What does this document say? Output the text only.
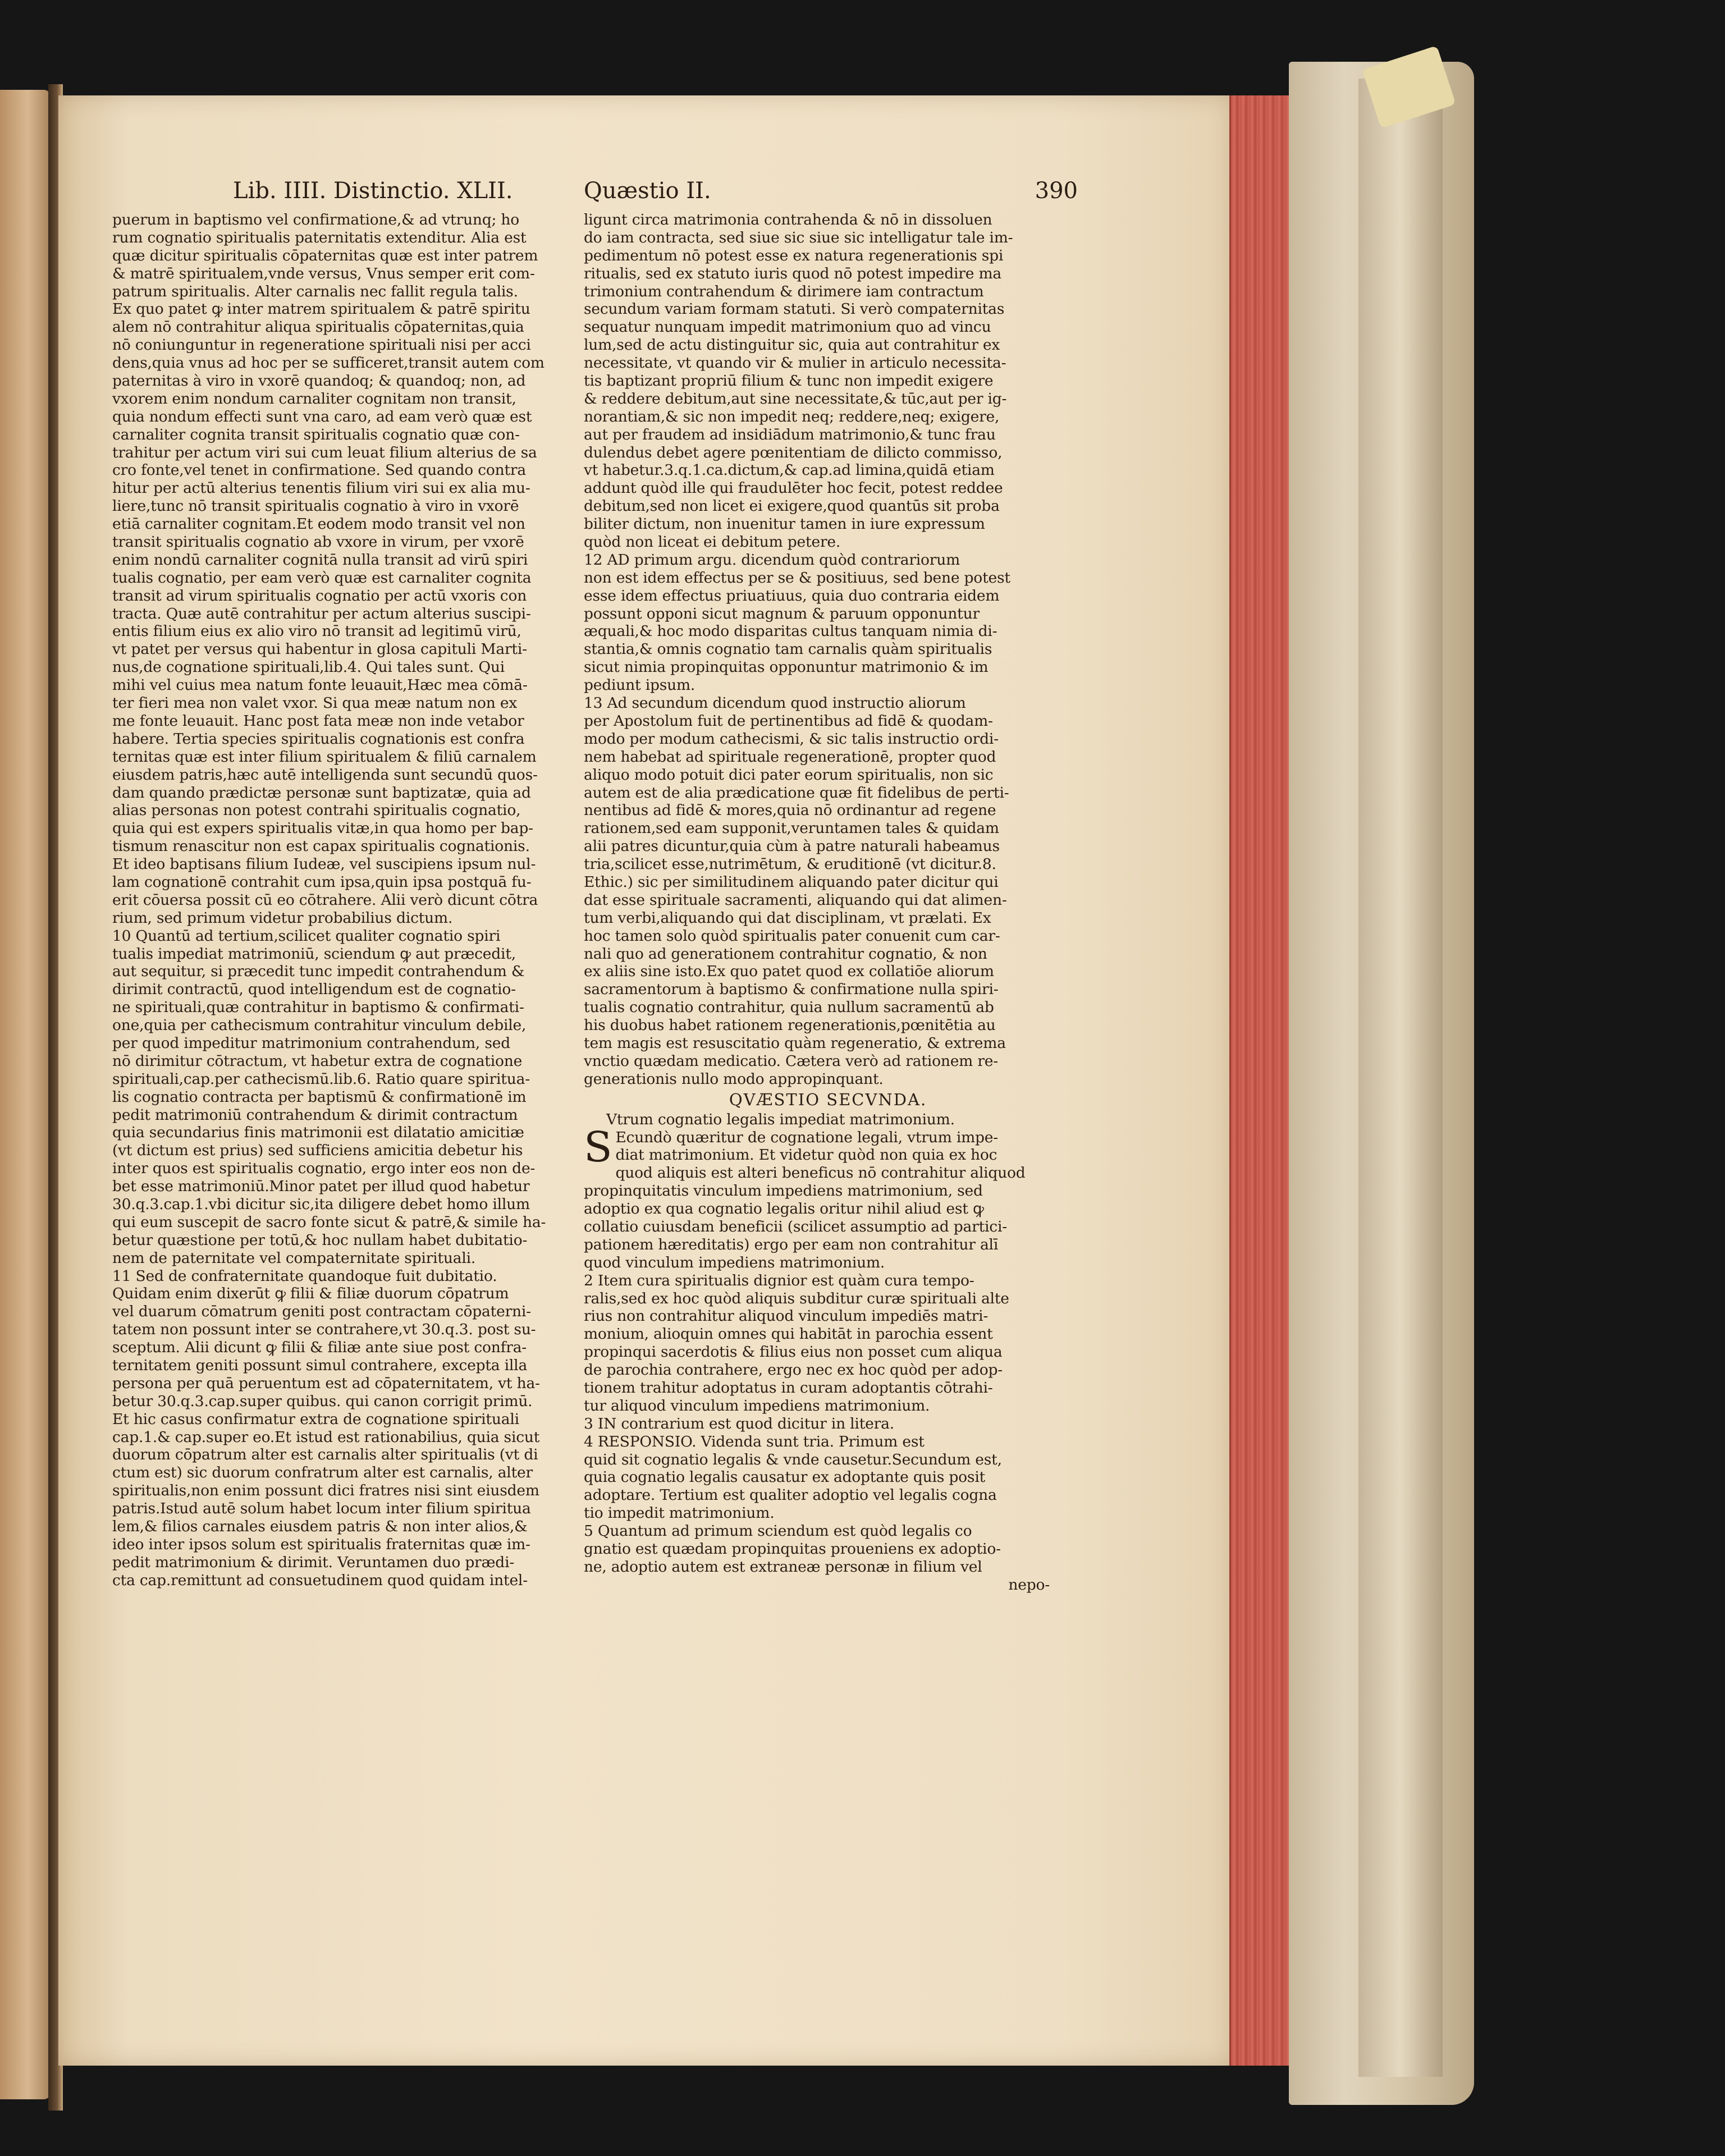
Lib. IIII. Distinctio. XLII.	Quæstio II.	390
puerum in baptismo vel confirmatione,& ad vtrunq; ho
rum cognatio spiritualis paternitatis extenditur. Alia est
quæ dicitur spiritualis cōpaternitas quæ est inter patrem
& matrē spiritualem,vnde versus, Vnus semper erit com-
patrum spiritualis. Alter carnalis nec fallit regula talis.
Ex quo patet ꝙ inter matrem spiritualem & patrē spiritu
alem nō contrahitur aliqua spiritualis cōpaternitas,quia
nō coniunguntur in regeneratione spirituali nisi per acci
dens,quia vnus ad hoc per se sufficeret,transit autem com
paternitas à viro in vxorē quandoq; & quandoq; non, ad
vxorem enim nondum carnaliter cognitam non transit,
quia nondum effecti sunt vna caro, ad eam verò quæ est
carnaliter cognita transit spiritualis cognatio quæ con-
trahitur per actum viri sui cum leuat filium alterius de sa
cro fonte,vel tenet in confirmatione. Sed quando contra
hitur per actū alterius tenentis filium viri sui ex alia mu-
liere,tunc nō transit spiritualis cognatio à viro in vxorē
etiā carnaliter cognitam.Et eodem modo transit vel non
transit spiritualis cognatio ab vxore in virum, per vxorē
enim nondū carnaliter cognitā nulla transit ad virū spiri
tualis cognatio, per eam verò quæ est carnaliter cognita
transit ad virum spiritualis cognatio per actū vxoris con
tracta. Quæ autē contrahitur per actum alterius suscipi-
entis filium eius ex alio viro nō transit ad legitimū virū,
vt patet per versus qui habentur in glosa capituli Marti-
nus,de cognatione spirituali,lib.4. Qui tales sunt. Qui
mihi vel cuius mea natum fonte leuauit,Hæc mea cōmā-
ter fieri mea non valet vxor. Si qua meæ natum non ex
me fonte leuauit. Hanc post fata meæ non inde vetabor
habere. Tertia species spiritualis cognationis est confra
ternitas quæ est inter filium spiritualem & filiū carnalem
eiusdem patris,hæc autē intelligenda sunt secundū quos-
dam quando prædictæ personæ sunt baptizatæ, quia ad
alias personas non potest contrahi spiritualis cognatio,
quia qui est expers spiritualis vitæ,in qua homo per bap-
tismum renascitur non est capax spiritualis cognationis.
Et ideo baptisans filium Iudeæ, vel suscipiens ipsum nul-
lam cognationē contrahit cum ipsa,quin ipsa postquā fu-
erit cōuersa possit cū eo cōtrahere. Alii verò dicunt cōtra
rium, sed primum videtur probabilius dictum.
10 Quantū ad tertium,scilicet qualiter cognatio spiri
tualis impediat matrimoniū, sciendum ꝙ aut præcedit,
aut sequitur, si præcedit tunc impedit contrahendum &
dirimit contractū, quod intelligendum est de cognatio-
ne spirituali,quæ contrahitur in baptismo & confirmati-
one,quia per cathecismum contrahitur vinculum debile,
per quod impeditur matrimonium contrahendum, sed
nō dirimitur cōtractum, vt habetur extra de cognatione
spirituali,cap.per cathecismū.lib.6. Ratio quare spiritua-
lis cognatio contracta per baptismū & confirmationē im
pedit matrimoniū contrahendum & dirimit contractum
quia secundarius finis matrimonii est dilatatio amicitiæ
(vt dictum est prius) sed sufficiens amicitia debetur his
inter quos est spiritualis cognatio, ergo inter eos non de-
bet esse matrimoniū.Minor patet per illud quod habetur
30.q.3.cap.1.vbi dicitur sic,ita diligere debet homo illum
qui eum suscepit de sacro fonte sicut & patrē,& simile ha-
betur quæstione per totū,& hoc nullam habet dubitatio-
nem de paternitate vel compaternitate spirituali.
11 Sed de confraternitate quandoque fuit dubitatio.
Quidam enim dixerūt ꝙ filii & filiæ duorum cōpatrum
vel duarum cōmatrum geniti post contractam cōpaterni-
tatem non possunt inter se contrahere,vt 30.q.3. post su-
sceptum. Alii dicunt ꝙ filii & filiæ ante siue post confra-
ternitatem geniti possunt simul contrahere, excepta illa
persona per quā peruentum est ad cōpaternitatem, vt ha-
betur 30.q.3.cap.super quibus. qui canon corrigit primū.
Et hic casus confirmatur extra de cognatione spirituali
cap.1.& cap.super eo.Et istud est rationabilius, quia sicut
duorum cōpatrum alter est carnalis alter spiritualis (vt di
ctum est) sic duorum confratrum alter est carnalis, alter
spiritualis,non enim possunt dici fratres nisi sint eiusdem
patris.Istud autē solum habet locum inter filium spiritua
lem,& filios carnales eiusdem patris & non inter alios,&
ideo inter ipsos solum est spiritualis fraternitas quæ im-
pedit matrimonium & dirimit. Veruntamen duo prædi-
cta cap.remittunt ad consuetudinem quod quidam intel-
ligunt circa matrimonia contrahenda & nō in dissoluen
do iam contracta, sed siue sic siue sic intelligatur tale im-
pedimentum nō potest esse ex natura regenerationis spi
ritualis, sed ex statuto iuris quod nō potest impedire ma
trimonium contrahendum & dirimere iam contractum
secundum variam formam statuti. Si verò compaternitas
sequatur nunquam impedit matrimonium quo ad vincu
lum,sed de actu distinguitur sic, quia aut contrahitur ex
necessitate, vt quando vir & mulier in articulo necessita-
tis baptizant propriū filium & tunc non impedit exigere
& reddere debitum,aut sine necessitate,& tūc,aut per ig-
norantiam,& sic non impedit neq; reddere,neq; exigere,
aut per fraudem ad insidiādum matrimonio,& tunc frau
dulendus debet agere pœnitentiam de dilicto commisso,
vt habetur.3.q.1.ca.dictum,& cap.ad limina,quidā etiam
addunt quòd ille qui fraudulēter hoc fecit, potest reddee
debitum,sed non licet ei exigere,quod quantūs sit proba
biliter dictum, non inuenitur tamen in iure expressum
quòd non liceat ei debitum petere.
12 AD primum argu. dicendum quòd contrariorum
non est idem effectus per se & positiuus, sed bene potest
esse idem effectus priuatiuus, quia duo contraria eidem
possunt opponi sicut magnum & paruum opponuntur
æquali,& hoc modo disparitas cultus tanquam nimia di-
stantia,& omnis cognatio tam carnalis quàm spiritualis
sicut nimia propinquitas opponuntur matrimonio & im
pediunt ipsum.
13 Ad secundum dicendum quod instructio aliorum
per Apostolum fuit de pertinentibus ad fidē & quodam-
modo per modum cathecismi, & sic talis instructio ordi-
nem habebat ad spirituale regenerationē, propter quod
aliquo modo potuit dici pater eorum spiritualis, non sic
autem est de alia prædicatione quæ fit fidelibus de perti-
nentibus ad fidē & mores,quia nō ordinantur ad regene
rationem,sed eam supponit,veruntamen tales & quidam
alii patres dicuntur,quia cùm à patre naturali habeamus
tria,scilicet esse,nutrimētum, & eruditionē (vt dicitur.8.
Ethic.) sic per similitudinem aliquando pater dicitur qui
dat esse spirituale sacramenti, aliquando qui dat alimen-
tum verbi,aliquando qui dat disciplinam, vt prælati. Ex
hoc tamen solo quòd spiritualis pater conuenit cum car-
nali quo ad generationem contrahitur cognatio, & non
ex aliis sine isto.Ex quo patet quod ex collatiōe aliorum
sacramentorum à baptismo & confirmatione nulla spiri-
tualis cognatio contrahitur, quia nullum sacramentū ab
his duobus habet rationem regenerationis,pœnitētia au
tem magis est resuscitatio quàm regeneratio, & extrema
vnctio quædam medicatio. Cætera verò ad rationem re-
generationis nullo modo appropinquant.
QVÆSTIO SECVNDA.
Vtrum cognatio legalis impediat matrimonium.
S Ecundò quæritur de cognatione legali, vtrum impe-
diat matrimonium. Et videtur quòd non quia ex hoc
quod aliquis est alteri beneficus nō contrahitur aliquod
propinquitatis vinculum impediens matrimonium, sed
adoptio ex qua cognatio legalis oritur nihil aliud est ꝙ
collatio cuiusdam beneficii (scilicet assumptio ad partici-
pationem hæreditatis) ergo per eam non contrahitur alī
quod vinculum impediens matrimonium.
2 Item cura spiritualis dignior est quàm cura tempo-
ralis,sed ex hoc quòd aliquis subditur curæ spirituali alte
rius non contrahitur aliquod vinculum impediēs matri-
monium, alioquin omnes qui habitāt in parochia essent
propinqui sacerdotis & filius eius non posset cum aliqua
de parochia contrahere, ergo nec ex hoc quòd per adop-
tionem trahitur adoptatus in curam adoptantis cōtrahi-
tur aliquod vinculum impediens matrimonium.
3 IN contrarium est quod dicitur in litera.
4 RESPONSIO. Videnda sunt tria. Primum est
quid sit cognatio legalis & vnde causetur.Secundum est,
quia cognatio legalis causatur ex adoptante quis posit
adoptare. Tertium est qualiter adoptio vel legalis cogna
tio impedit matrimonium.
5 Quantum ad primum sciendum est quòd legalis co
gnatio est quædam propinquitas proueniens ex adoptio-
ne, adoptio autem est extraneæ personæ in filium vel
nepo-
